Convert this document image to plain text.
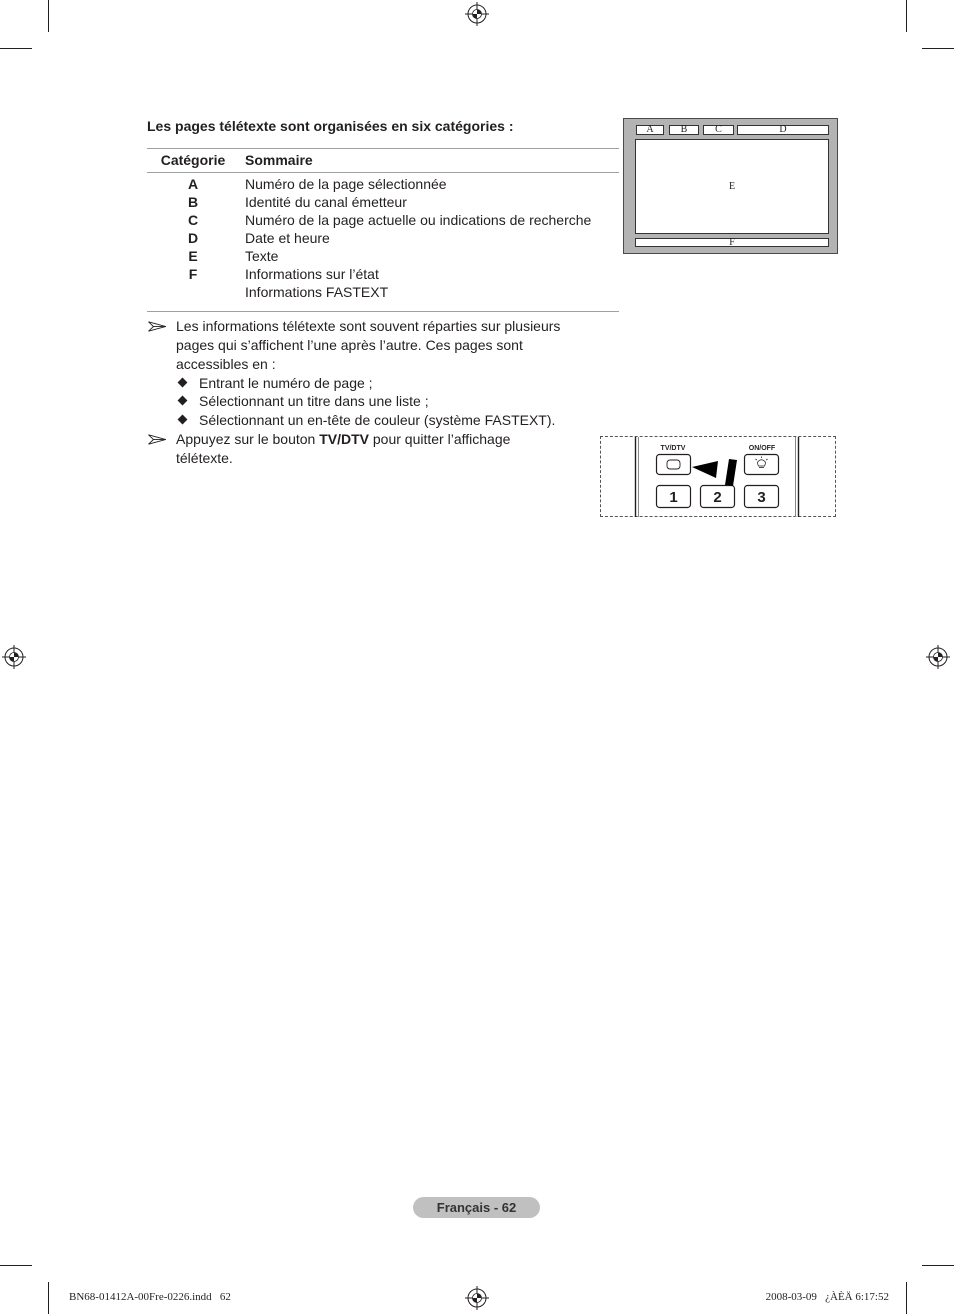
Les pages télétexte sont organisées en six catégories :
Catégorie	Sommaire
A	Numéro de la page sélectionnée
B	Identité du canal émetteur
C	Numéro de la page actuelle ou indications de recherche
D	Date et heure
E	Texte
F	Informations sur l’état
Informations FASTEXT
Les informations télétexte sont souvent réparties sur plusieurs
pages qui s’affichent l’une après l’autre. Ces pages sont
accessibles en :
Entrant le numéro de page ;
Sélectionnant un titre dans une liste ;
Sélectionnant un en-tête de couleur (système FASTEXT).
Appuyez sur le bouton TV/DTV pour quitter l’affichage
télétexte.
A	B	C	D
E
F
TV/DTV	ON/OFF
1 2 3
Français - 62
BN68-01412A-00Fre-0226.indd   62	2008-03-09   ¿ÀÈÄ 6:17:52
